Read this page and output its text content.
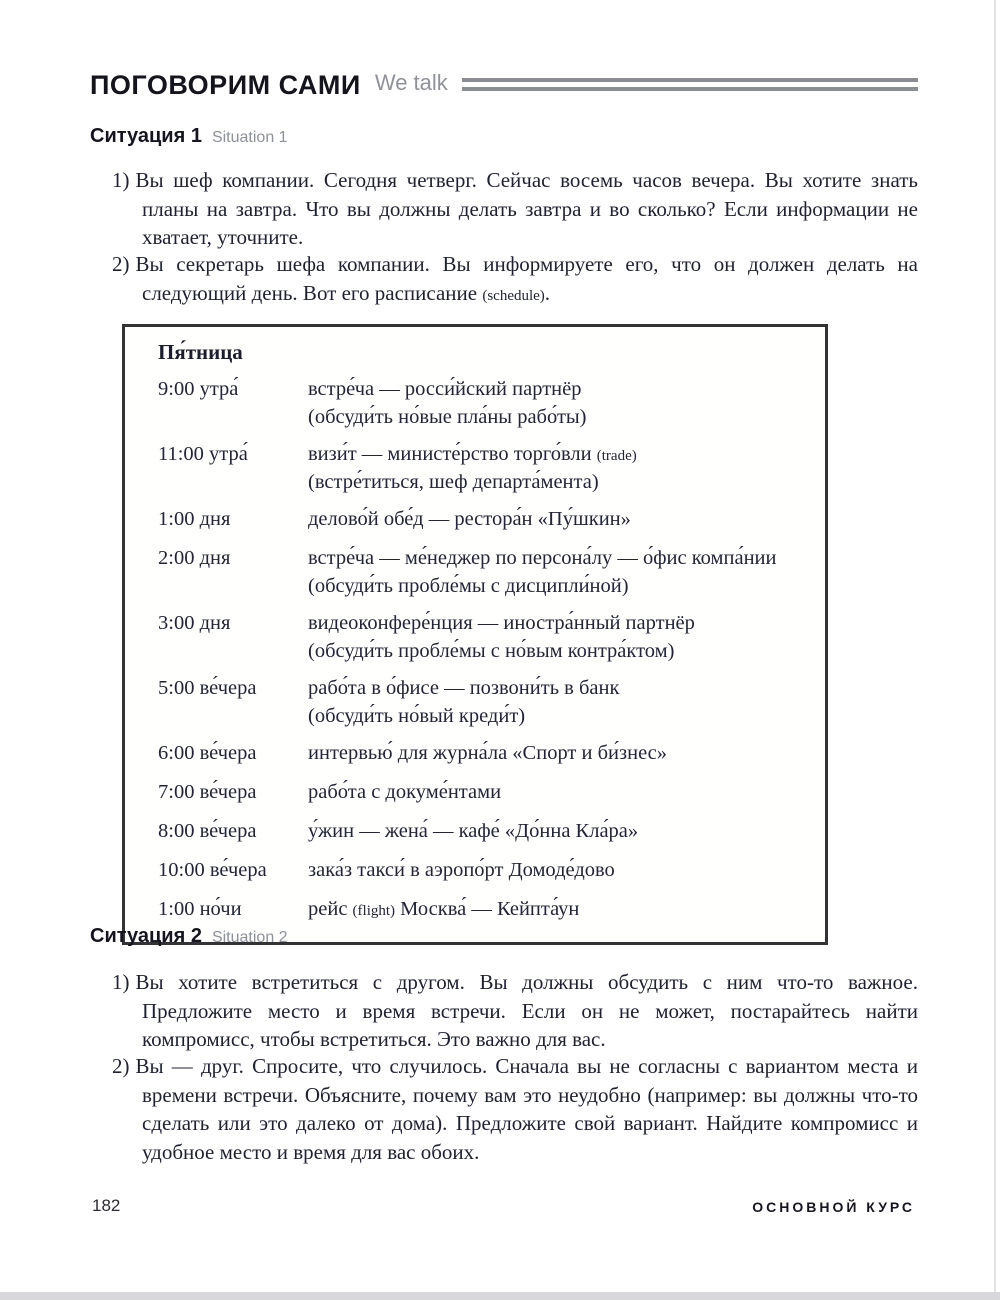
ПОГОВОРИМ САМИ We talk
Ситуация 1 Situation 1
1) Вы шеф компании. Сегодня четверг. Сейчас восемь часов вечера. Вы хотите знать планы на завтра. Что вы должны делать завтра и во сколько? Если информации не хватает, уточните.
2) Вы секретарь шефа компании. Вы информируете его, что он должен делать на следующий день. Вот его расписание (schedule).
Пя́тница
9:00 утра́	встре́ча — росси́йский партнёр
(обсуди́ть но́вые пла́ны рабо́ты)
11:00 утра́	визи́т — министе́рство торго́вли (trade)
(встре́титься, шеф департа́мента)
1:00 дня	делово́й обе́д — рестора́н «Пу́шкин»
2:00 дня	встре́ча — ме́неджер по персона́лу — о́фис компа́нии
(обсуди́ть пробле́мы с дисципли́ной)
3:00 дня	видеоконфере́нция — иностра́нный партнёр
(обсуди́ть пробле́мы с но́вым контра́ктом)
5:00 ве́чера	рабо́та в о́фисе — позвони́ть в банк
(обсуди́ть но́вый креди́т)
6:00 ве́чера	интервью́ для журна́ла «Спорт и би́знес»
7:00 ве́чера	рабо́та с докуме́нтами
8:00 ве́чера	у́жин — жена́ — кафе́ «До́нна Кла́ра»
10:00 ве́чера	зака́з такси́ в аэропо́рт Домоде́дово
1:00 но́чи	рейс (flight) Москва́ — Кейпта́ун
Ситуация 2 Situation 2
1) Вы хотите встретиться с другом. Вы должны обсудить с ним что-то важное. Предложите место и время встречи. Если он не может, постарайтесь найти компромисс, чтобы встретиться. Это важно для вас.
2) Вы — друг. Спросите, что случилось. Сначала вы не согласны с вариантом места и времени встречи. Объясните, почему вам это неудобно (например: вы должны что-то сделать или это далеко от дома). Предложите свой вариант. Найдите компромисс и удобное место и время для вас обоих.
182	ОСНОВНОЙ КУРС
